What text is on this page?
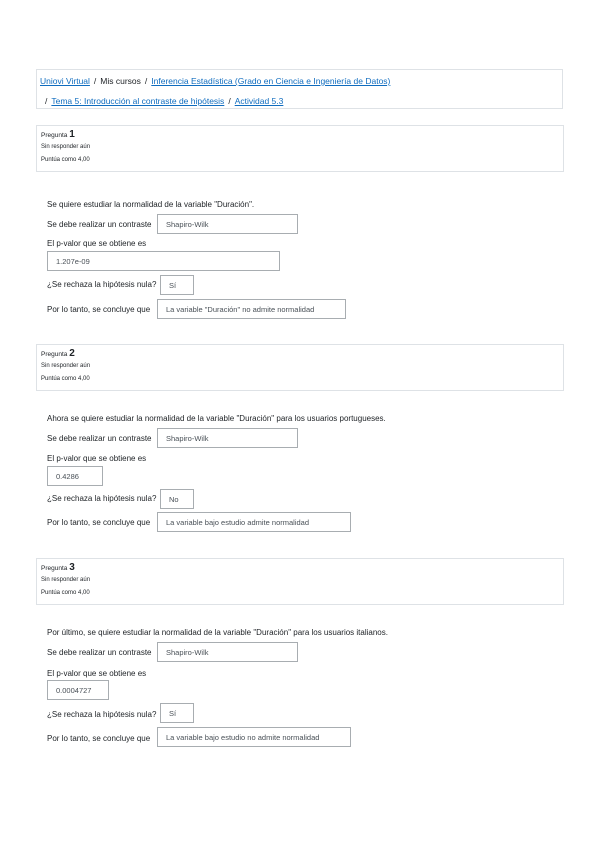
Uniovi Virtual / Mis cursos / Inferencia Estadística (Grado en Ciencia e Ingeniería de Datos)
/ Tema 5: Introducción al contraste de hipótesis / Actividad 5.3
Pregunta 1
Sin responder aún
Puntúa como 4,00
Se quiere estudiar la normalidad de la variable "Duración".
Se debe realizar un contraste	Shapiro-Wilk
El p-valor que se obtiene es
1.207e-09
¿Se rechaza la hipótesis nula?	Sí
Por lo tanto, se concluye que	La variable "Duración" no admite normalidad
Pregunta 2
Sin responder aún
Puntúa como 4,00
Ahora se quiere estudiar la normalidad de la variable "Duración" para los usuarios portugueses.
Se debe realizar un contraste	Shapiro-Wilk
El p-valor que se obtiene es
0.4286
¿Se rechaza la hipótesis nula?	No
Por lo tanto, se concluye que	La variable bajo estudio admite normalidad
Pregunta 3
Sin responder aún
Puntúa como 4,00
Por último, se quiere estudiar la normalidad de la variable "Duración" para los usuarios italianos.
Se debe realizar un contraste	Shapiro-Wilk
El p-valor que se obtiene es
0.0004727
¿Se rechaza la hipótesis nula?	Sí
Por lo tanto, se concluye que	La variable bajo estudio no admite normalidad
